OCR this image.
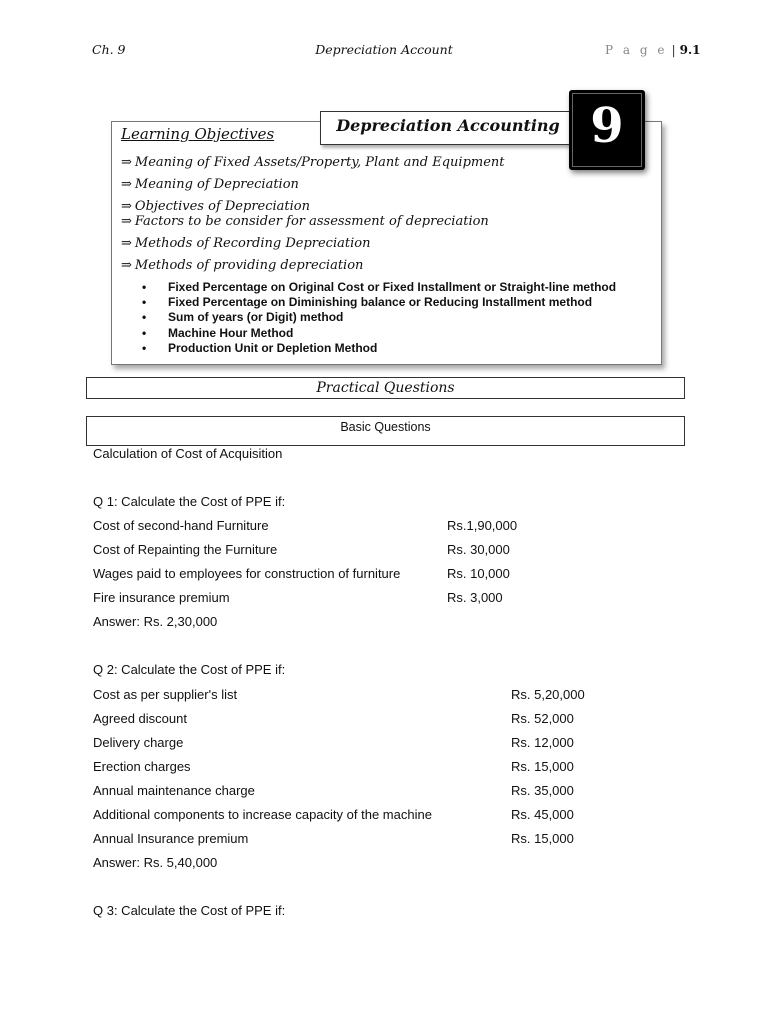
Ch. 9	Depreciation Account	P a g e | 9.1
Learning Objectives
⇒ Meaning of Fixed Assets/Property, Plant and Equipment
⇒ Meaning of Depreciation
⇒ Objectives of Depreciation
⇒ Factors to be consider for assessment of depreciation
⇒ Methods of Recording Depreciation
⇒ Methods of providing depreciation
• Fixed Percentage on Original Cost or Fixed Installment or Straight-line method
• Fixed Percentage on Diminishing balance or Reducing Installment method
• Sum of years (or Digit) method
• Machine Hour Method
• Production Unit or Depletion Method
Depreciation Accounting 9
Practical Questions
Basic Questions
Calculation of Cost of Acquisition
Q 1: Calculate the Cost of PPE if:
Cost of second-hand Furniture	Rs.1,90,000
Cost of Repainting the Furniture	Rs. 30,000
Wages paid to employees for construction of furniture	Rs. 10,000
Fire insurance premium	Rs. 3,000
Answer: Rs. 2,30,000
Q 2: Calculate the Cost of PPE if:
Cost as per supplier's list	Rs. 5,20,000
Agreed discount	Rs. 52,000
Delivery charge	Rs. 12,000
Erection charges	Rs. 15,000
Annual maintenance charge	Rs. 35,000
Additional components to increase capacity of the machine	Rs. 45,000
Annual Insurance premium	Rs. 15,000
Answer: Rs. 5,40,000
Q 3: Calculate the Cost of PPE if:
